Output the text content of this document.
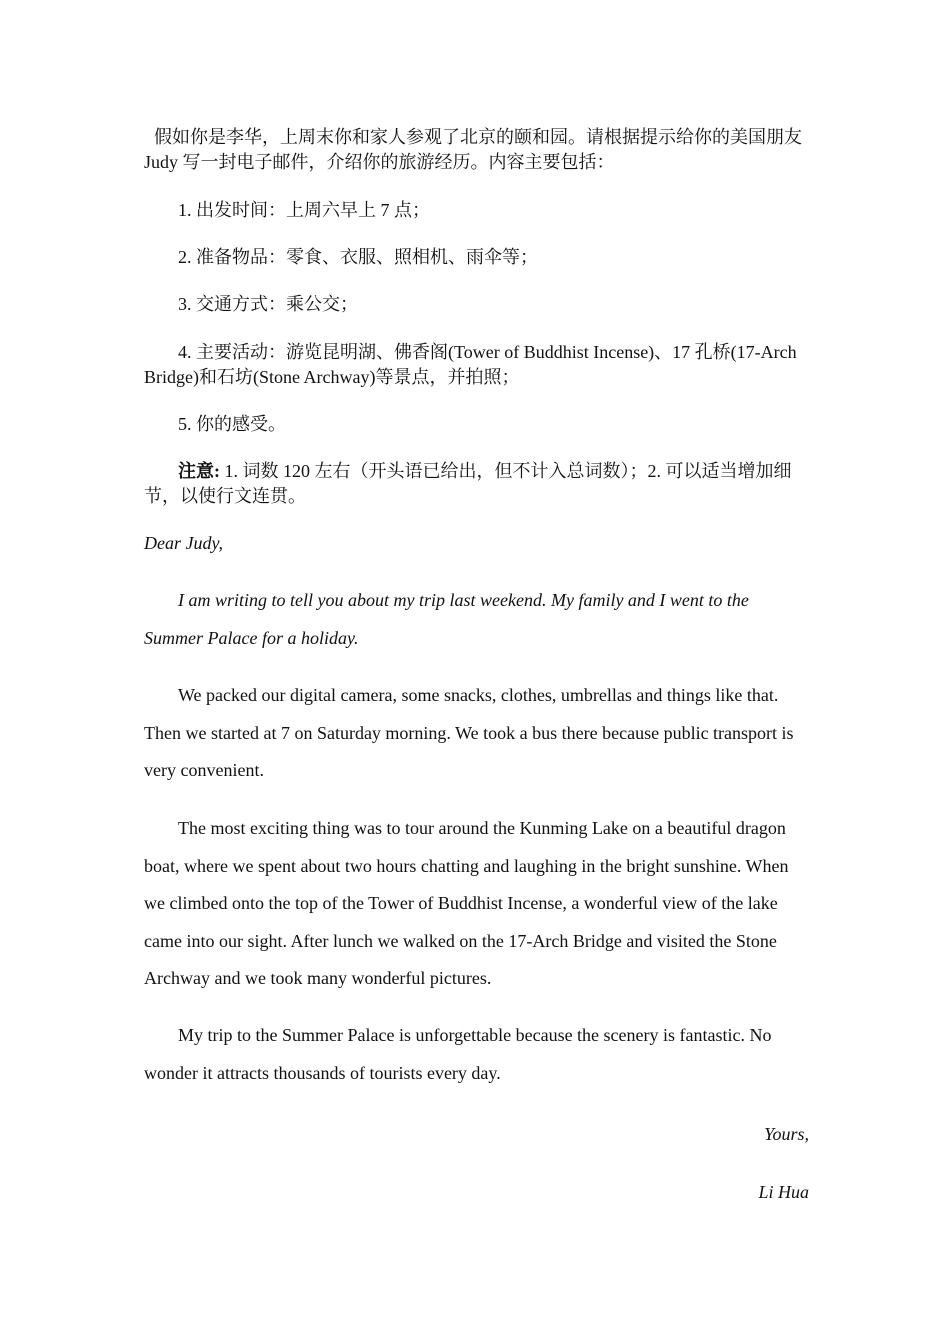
假如你是李华，上周末你和家人参观了北京的颐和园。请根据提示给你的美国朋友 Judy 写一封电子邮件，介绍你的旅游经历。内容主要包括：

1. 出发时间：上周六早上 7 点；

2. 准备物品：零食、衣服、照相机、雨伞等；

3. 交通方式：乘公交；

4. 主要活动：游览昆明湖、佛香阁(Tower of Buddhist Incense)、17 孔桥(17-Arch Bridge)和石坊(Stone Archway)等景点，并拍照；

5. 你的感受。

注意: 1. 词数 120 左右（开头语已给出，但不计入总词数）；2. 可以适当增加细节，以使行文连贯。

Dear Judy,

I am writing to tell you about my trip last weekend. My family and I went to the Summer Palace for a holiday.

We packed our digital camera, some snacks, clothes, umbrellas and things like that. Then we started at 7 on Saturday morning. We took a bus there because public transport is very convenient.

The most exciting thing was to tour around the Kunming Lake on a beautiful dragon boat, where we spent about two hours chatting and laughing in the bright sunshine. When we climbed onto the top of the Tower of Buddhist Incense, a wonderful view of the lake came into our sight. After lunch we walked on the 17-Arch Bridge and visited the Stone Archway and we took many wonderful pictures.

My trip to the Summer Palace is unforgettable because the scenery is fantastic. No wonder it attracts thousands of tourists every day.

Yours,

Li Hua
